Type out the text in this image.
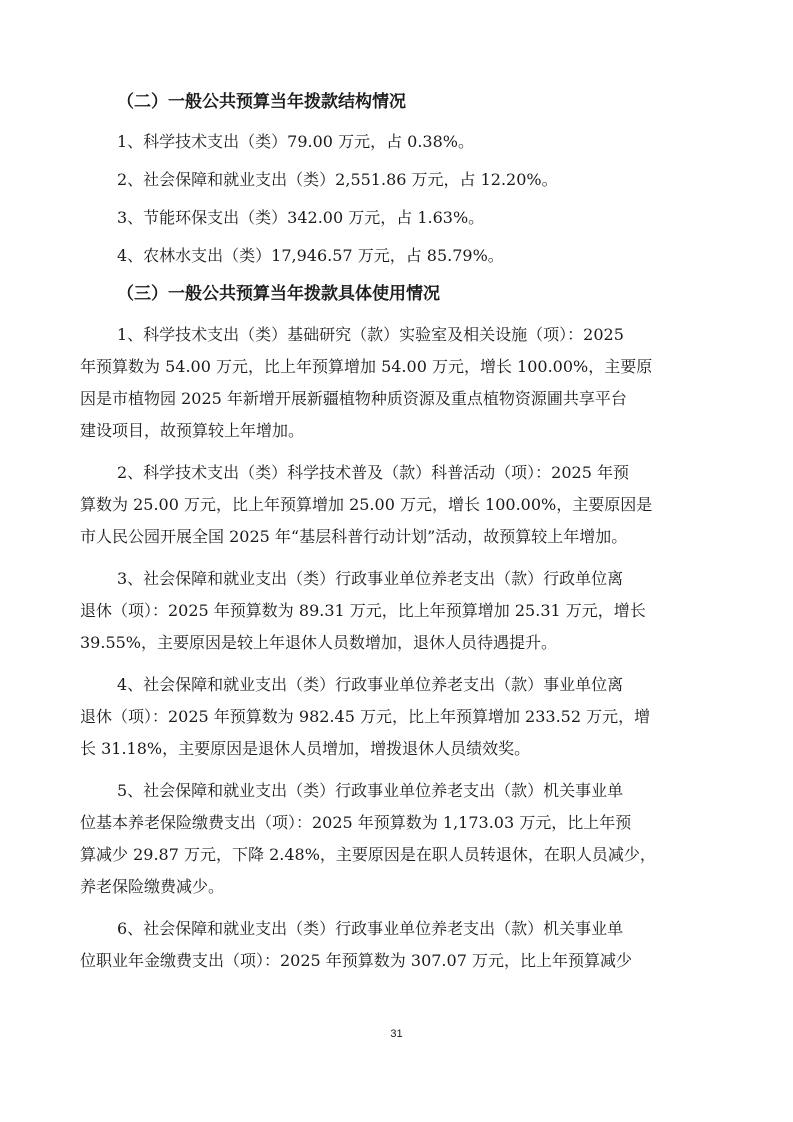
（二）一般公共预算当年拨款结构情况

1、科学技术支出（类）79.00 万元，占 0.38%。

2、社会保障和就业支出（类）2,551.86 万元，占 12.20%。

3、节能环保支出（类）342.00 万元，占 1.63%。

4、农林水支出（类）17,946.57 万元，占 85.79%。

（三）一般公共预算当年拨款具体使用情况
1、科学技术支出（类）基础研究（款）实验室及相关设施（项）：2025
年预算数为 54.00 万元，比上年预算增加 54.00 万元，增长 100.00%，主要原
因是市植物园 2025 年新增开展新疆植物种质资源及重点植物资源圃共享平台
建设项目，故预算较上年增加。
2、科学技术支出（类）科学技术普及（款）科普活动（项）：2025 年预
算数为 25.00 万元，比上年预算增加 25.00 万元，增长 100.00%，主要原因是
市人民公园开展全国 2025 年“基层科普行动计划”活动，故预算较上年增加。
3、社会保障和就业支出（类）行政事业单位养老支出（款）行政单位离
退休（项）：2025 年预算数为 89.31 万元，比上年预算增加 25.31 万元，增长
39.55%，主要原因是较上年退休人员数增加，退休人员待遇提升。
4、社会保障和就业支出（类）行政事业单位养老支出（款）事业单位离
退休（项）：2025 年预算数为 982.45 万元，比上年预算增加 233.52 万元，增
长 31.18%，主要原因是退休人员增加，增拨退休人员绩效奖。
5、社会保障和就业支出（类）行政事业单位养老支出（款）机关事业单
位基本养老保险缴费支出（项）：2025 年预算数为 1,173.03 万元，比上年预
算减少 29.87 万元，下降 2.48%，主要原因是在职人员转退休，在职人员减少，
养老保险缴费减少。
6、社会保障和就业支出（类）行政事业单位养老支出（款）机关事业单
位职业年金缴费支出（项）：2025 年预算数为 307.07 万元，比上年预算减少
31
